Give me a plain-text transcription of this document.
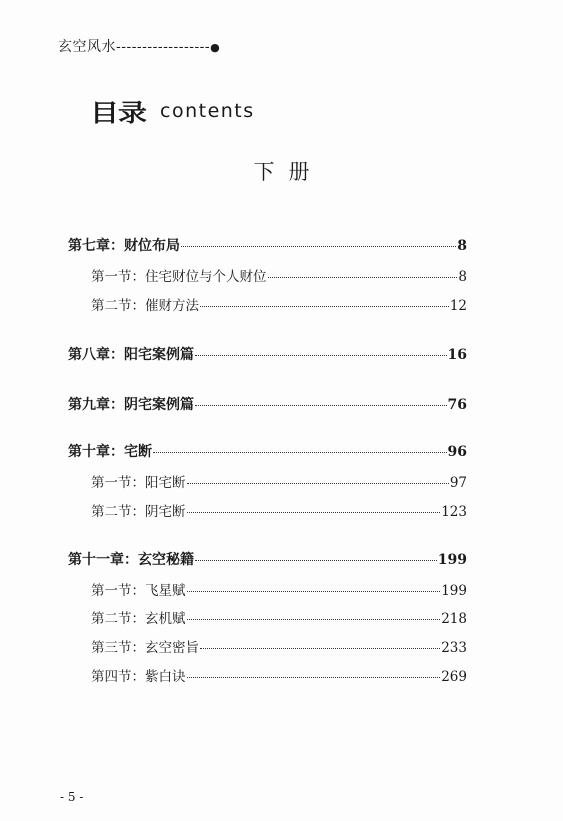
玄空风水------------------●
目录 contents
下册
第七章：财位布局	8
第一节：住宅财位与个人财位	8
第二节：催财方法	12
第八章：阳宅案例篇	16
第九章：阴宅案例篇	76
第十章：宅断	96
第一节：阳宅断	97
第二节：阴宅断	123
第十一章：玄空秘籍	199
第一节：飞星赋	199
第二节：玄机赋	218
第三节：玄空密旨	233
第四节：紫白诀	269
- 5 -
